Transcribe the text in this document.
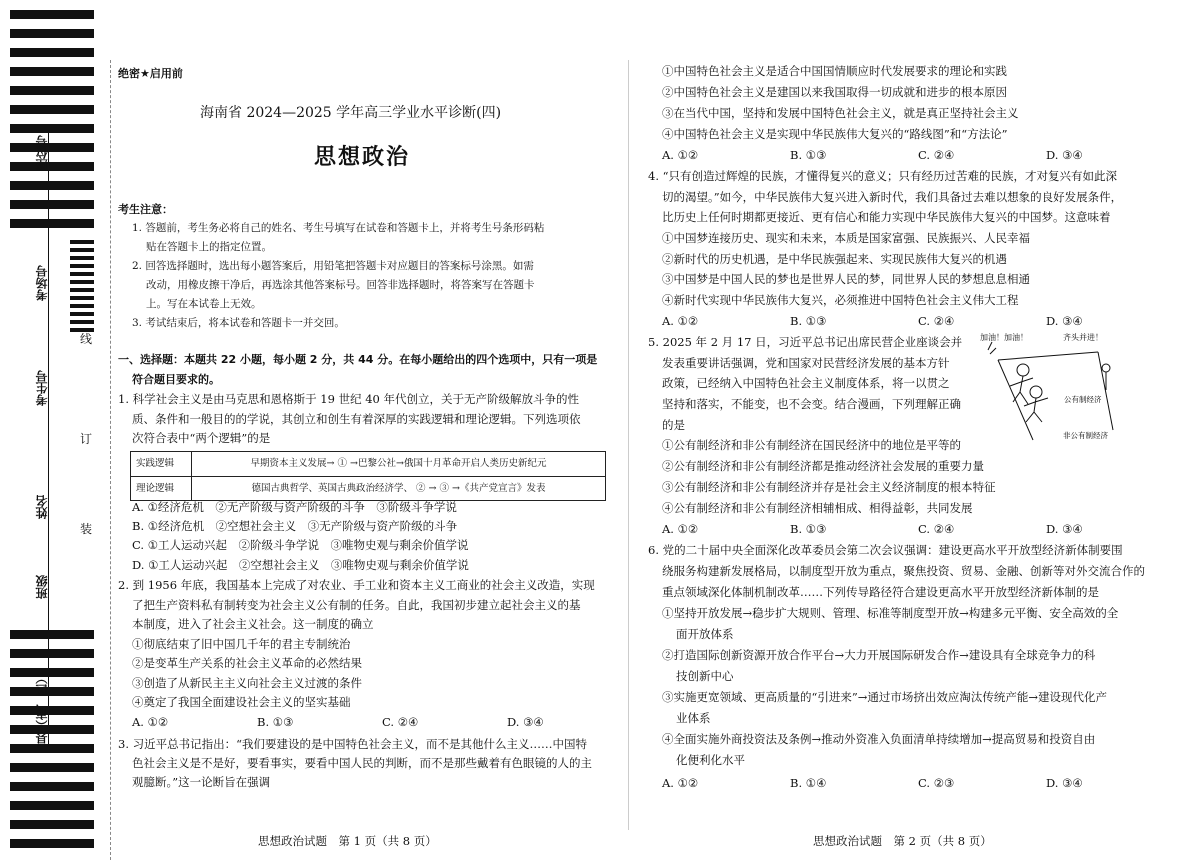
座位号
考场号
考生号
姓名
班级
县（市、区）
线
订
装
绝密★启用前
海南省 2024—2025 学年高三学业水平诊断(四)
思想政治
考生注意：
1. 答题前，考生务必将自己的姓名、考生号填写在试卷和答题卡上，并将考生号条形码粘
贴在答题卡上的指定位置。
2. 回答选择题时，选出每小题答案后，用铅笔把答题卡对应题目的答案标号涂黑。如需
改动，用橡皮擦干净后，再选涂其他答案标号。回答非选择题时，将答案写在答题卡
上。写在本试卷上无效。
3. 考试结束后，将本试卷和答题卡一并交回。
一、选择题：本题共 22 小题，每小题 2 分，共 44 分。在每小题给出的四个选项中，只有一项是
符合题目要求的。
1. 科学社会主义是由马克思和恩格斯于 19 世纪 40 年代创立，关于无产阶级解放斗争的性
质、条件和一般目的的学说，其创立和创生有着深厚的实践逻辑和理论逻辑。下列选项依
次符合表中“两个逻辑”的是
实践逻辑	早期资本主义发展→ ① →巴黎公社→俄国十月革命开启人类历史新纪元
理论逻辑	德国古典哲学、英国古典政治经济学、 ② → ③ →《共产党宣言》发表
A. ①经济危机　②无产阶级与资产阶级的斗争　③阶级斗争学说
B. ①经济危机　②空想社会主义　③无产阶级与资产阶级的斗争
C. ①工人运动兴起　②阶级斗争学说　③唯物史观与剩余价值学说
D. ①工人运动兴起　②空想社会主义　③唯物史观与剩余价值学说
2. 到 1956 年底，我国基本上完成了对农业、手工业和资本主义工商业的社会主义改造，实现
了把生产资料私有制转变为社会主义公有制的任务。自此，我国初步建立起社会主义的基
本制度，进入了社会主义社会。这一制度的确立
①彻底结束了旧中国几千年的君主专制统治
②是变革生产关系的社会主义革命的必然结果
③创造了从新民主主义向社会主义过渡的条件
④奠定了我国全面建设社会主义的坚实基础
A. ①②	B. ①③	C. ②④	D. ③④
3. 习近平总书记指出：“我们要建设的是中国特色社会主义，而不是其他什么主义……中国特
色社会主义是不是好，要看事实，要看中国人民的判断，而不是那些戴着有色眼镜的人的主
观臆断。”这一论断旨在强调
思想政治试题　第 1 页（共 8 页）
①中国特色社会主义是适合中国国情顺应时代发展要求的理论和实践
②中国特色社会主义是建国以来我国取得一切成就和进步的根本原因
③在当代中国，坚持和发展中国特色社会主义，就是真正坚持社会主义
④中国特色社会主义是实现中华民族伟大复兴的“路线图”和“方法论”
A. ①②	B. ①③	C. ②④	D. ③④
4. “只有创造过辉煌的民族，才懂得复兴的意义；只有经历过苦难的民族，才对复兴有如此深
切的渴望。”如今，中华民族伟大复兴进入新时代，我们具备过去难以想象的良好发展条件，
比历史上任何时期都更接近、更有信心和能力实现中华民族伟大复兴的中国梦。这意味着
①中国梦连接历史、现实和未来，本质是国家富强、民族振兴、人民幸福
②新时代的历史机遇，是中华民族强起来、实现民族伟大复兴的机遇
③中国梦是中国人民的梦也是世界人民的梦，同世界人民的梦想息息相通
④新时代实现中华民族伟大复兴，必须推进中国特色社会主义伟大工程
A. ①②	B. ①③	C. ②④	D. ③④
5. 2025 年 2 月 17 日，习近平总书记出席民营企业座谈会并
发表重要讲话强调，党和国家对民营经济发展的基本方针
政策，已经纳入中国特色社会主义制度体系，将一以贯之
坚持和落实，不能变，也不会变。结合漫画，下列理解正确
的是
加油！加油！	齐头并进！
公有制经济
非公有制经济
①公有制经济和非公有制经济在国民经济中的地位是平等的
②公有制经济和非公有制经济都是推动经济社会发展的重要力量
③公有制经济和非公有制经济并存是社会主义经济制度的根本特征
④公有制经济和非公有制经济相辅相成、相得益彰，共同发展
A. ①②	B. ①③	C. ②④	D. ③④
6. 党的二十届中央全面深化改革委员会第二次会议强调：建设更高水平开放型经济新体制要围
绕服务构建新发展格局，以制度型开放为重点，聚焦投资、贸易、金融、创新等对外交流合作的
重点领域深化体制机制改革……下列传导路径符合建设更高水平开放型经济新体制的是
①坚持开放发展→稳步扩大规则、管理、标准等制度型开放→构建多元平衡、安全高效的全
面开放体系
②打造国际创新资源开放合作平台→大力开展国际研发合作→建设具有全球竞争力的科
技创新中心
③实施更宽领域、更高质量的“引进来”→通过市场挤出效应淘汰传统产能→建设现代化产
业体系
④全面实施外商投资法及条例→推动外资准入负面清单持续增加→提高贸易和投资自由
化便利化水平
A. ①②	B. ①④	C. ②③	D. ③④
思想政治试题　第 2 页（共 8 页）
